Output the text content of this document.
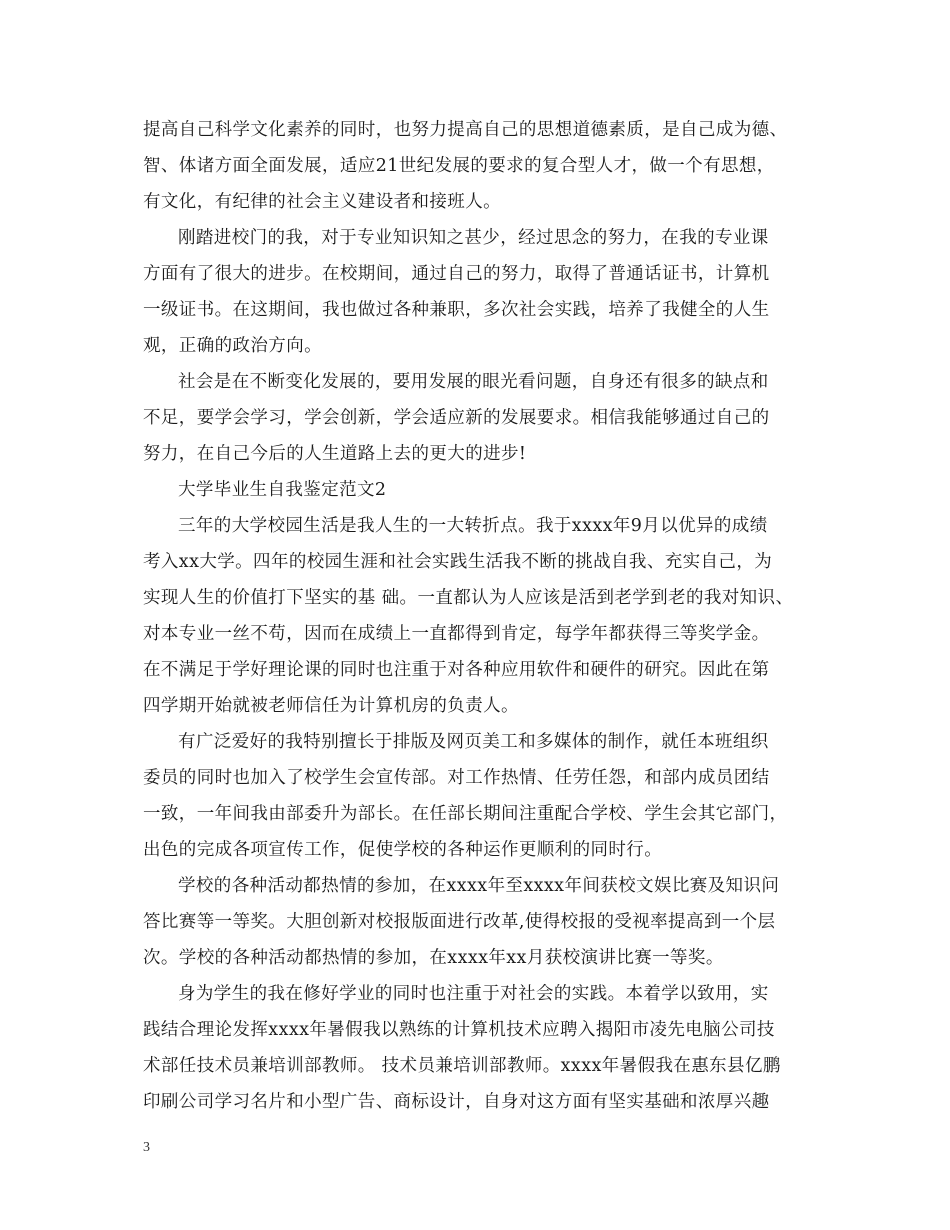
提高自己科学文化素养的同时，也努力提高自己的思想道德素质，是自己成为德、
智、体诸方面全面发展，适应21世纪发展的要求的复合型人才，做一个有思想，
有文化，有纪律的社会主义建设者和接班人。
刚踏进校门的我，对于专业知识知之甚少，经过思念的努力，在我的专业课
方面有了很大的进步。在校期间，通过自己的努力，取得了普通话证书，计算机
一级证书。在这期间，我也做过各种兼职，多次社会实践，培养了我健全的人生
观，正确的政治方向。
社会是在不断变化发展的，要用发展的眼光看问题，自身还有很多的缺点和
不足，要学会学习，学会创新，学会适应新的发展要求。相信我能够通过自己的
努力，在自己今后的人生道路上去的更大的进步!
大学毕业生自我鉴定范文2
三年的大学校园生活是我人生的一大转折点。我于xxxx年9月以优异的成绩
考入xx大学。四年的校园生涯和社会实践生活我不断的挑战自我、充实自己，为
实现人生的价值打下坚实的基 础。一直都认为人应该是活到老学到老的我对知识、
对本专业一丝不苟，因而在成绩上一直都得到肯定，每学年都获得三等奖学金。
在不满足于学好理论课的同时也注重于对各种应用软件和硬件的研究。因此在第
四学期开始就被老师信任为计算机房的负责人。
有广泛爱好的我特别擅长于排版及网页美工和多媒体的制作，就任本班组织
委员的同时也加入了校学生会宣传部。对工作热情、任劳任怨，和部内成员团结
一致，一年间我由部委升为部长。在任部长期间注重配合学校、学生会其它部门，
出色的完成各项宣传工作，促使学校的各种运作更顺利的同时行。
学校的各种活动都热情的参加，在xxxx年至xxxx年间获校文娱比赛及知识问
答比赛等一等奖。大胆创新对校报版面进行改革,使得校报的受视率提高到一个层
次。学校的各种活动都热情的参加，在xxxx年xx月获校演讲比赛一等奖。
身为学生的我在修好学业的同时也注重于对社会的实践。本着学以致用，实
践结合理论发挥xxxx年暑假我以熟练的计算机技术应聘入揭阳市凌先电脑公司技
术部任技术员兼培训部教师。 技术员兼培训部教师。xxxx年暑假我在惠东县亿鹏
印刷公司学习名片和小型广告、商标设计，自身对这方面有坚实基础和浓厚兴趣
3
